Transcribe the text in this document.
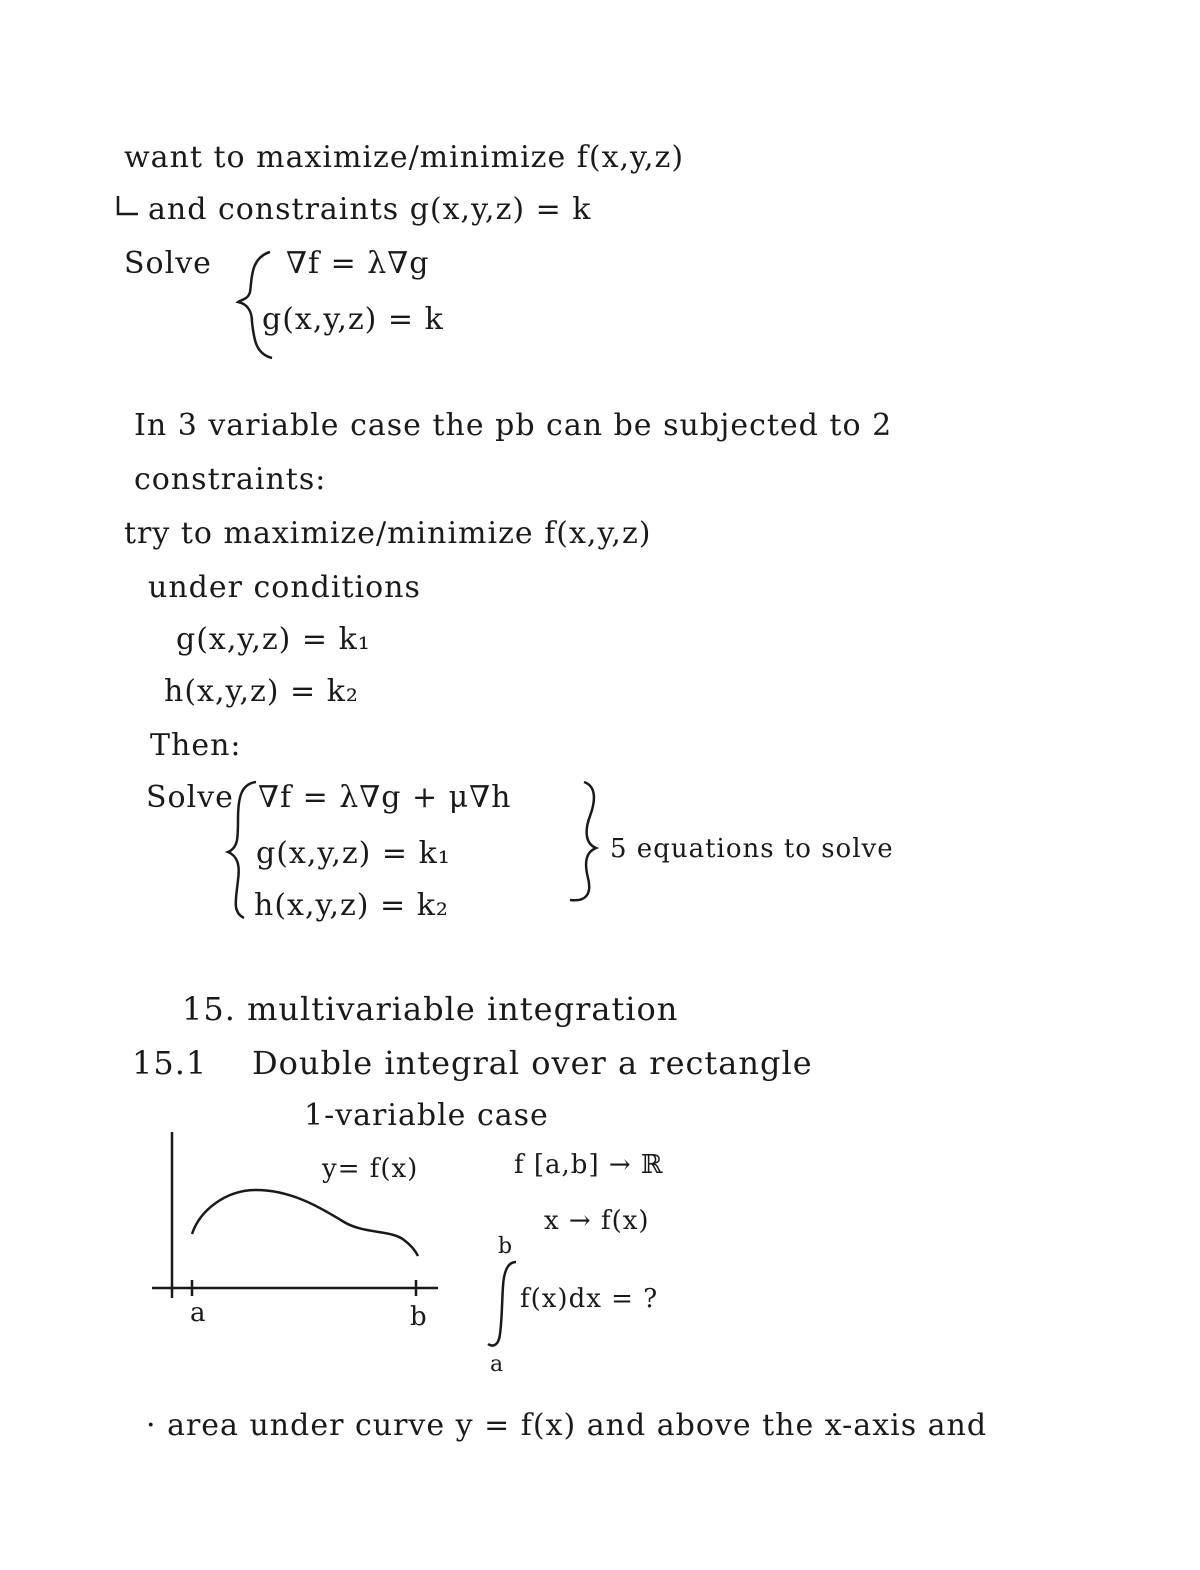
want to maximize/minimize f(x,y,z)
and constraints g(x,y,z) = k
Solve ∇f = λ∇g
g(x,y,z) = k
In 3 variable case the pb can be subjected to 2
constraints:
try to maximize/minimize f(x,y,z)
under conditions
g(x,y,z) = k₁
h(x,y,z) = k₂
Then:
Solve ∇f = λ∇g + μ∇h
g(x,y,z) = k₁
h(x,y,z) = k₂
5 equations to solve
15. multivariable integration
15.1 Double integral over a rectangle
1-variable case
a	b
y= f(x)	f [a,b] → ℝ
x → f(x)
b
f(x)dx = ?
a
· area under curve y = f(x) and above the x-axis and
